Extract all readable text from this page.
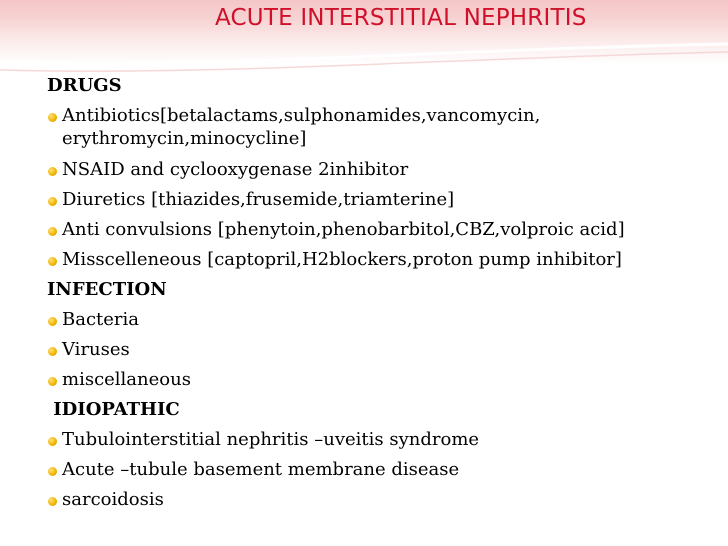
ACUTE INTERSTITIAL NEPHRITIS
DRUGS
Antibiotics[betalactams,sulphonamides,vancomycin,
erythromycin,minocycline]
NSAID and cyclooxygenase 2inhibitor
Diuretics [thiazides,frusemide,triamterine]
Anti convulsions [phenytoin,phenobarbitol,CBZ,volproic acid]
Misscelleneous [captopril,H2blockers,proton pump inhibitor]
INFECTION
Bacteria
Viruses
miscellaneous
IDIOPATHIC
Tubulointerstitial nephritis –uveitis syndrome
Acute –tubule basement membrane disease
sarcoidosis
